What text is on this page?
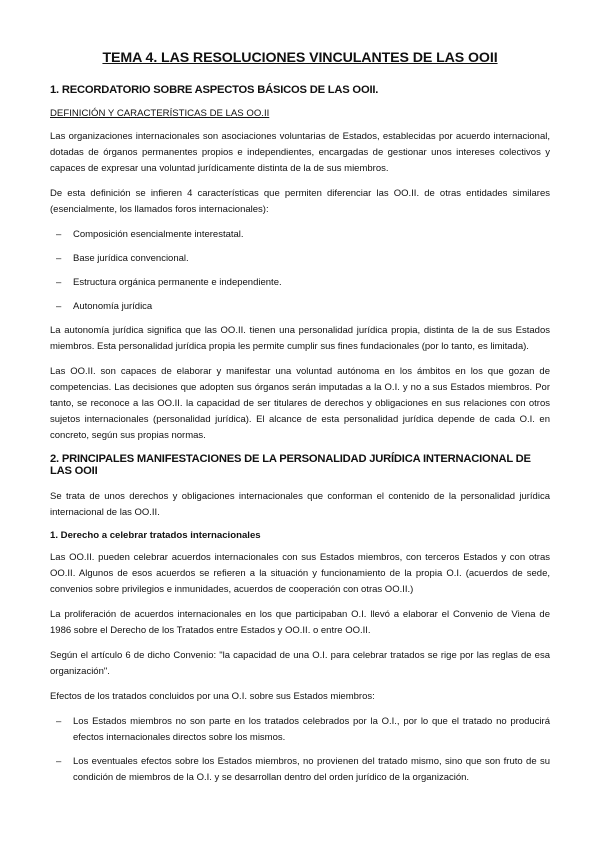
TEMA 4. LAS RESOLUCIONES VINCULANTES DE LAS OOII
1. RECORDATORIO SOBRE ASPECTOS BÁSICOS DE LAS OOII.
DEFINICIÓN Y CARACTERÍSTICAS DE LAS OO.II

Las organizaciones internacionales son asociaciones voluntarias de Estados, establecidas por acuerdo internacional, dotadas de órganos permanentes propios e independientes, encargadas de gestionar unos intereses colectivos y capaces de expresar una voluntad jurídicamente distinta de la de sus miembros.

De esta definición se infieren 4 características que permiten diferenciar las OO.II. de otras entidades similares (esencialmente, los llamados foros internacionales):

– Composición esencialmente interestatal.
– Base jurídica convencional.
– Estructura orgánica permanente e independiente.
– Autonomía jurídica

La autonomía jurídica significa que las OO.II. tienen una personalidad jurídica propia, distinta de la de sus Estados miembros. Esta personalidad jurídica propia les permite cumplir sus fines fundacionales (por lo tanto, es limitada).

Las OO.II. son capaces de elaborar y manifestar una voluntad autónoma en los ámbitos en los que gozan de competencias. Las decisiones que adopten sus órganos serán imputadas a la O.I. y no a sus Estados miembros. Por tanto, se reconoce a las OO.II. la capacidad de ser titulares de derechos y obligaciones en sus relaciones con otros sujetos internacionales (personalidad jurídica). El alcance de esta personalidad jurídica depende de cada O.I. en concreto, según sus propias normas.

2. PRINCIPALES MANIFESTACIONES DE LA PERSONALIDAD JURÍDICA INTERNACIONAL DE LAS OOII

Se trata de unos derechos y obligaciones internacionales que conforman el contenido de la personalidad jurídica internacional de las OO.II.

1. Derecho a celebrar tratados internacionales

Las OO.II. pueden celebrar acuerdos internacionales con sus Estados miembros, con terceros Estados y con otras OO.II. Algunos de esos acuerdos se refieren a la situación y funcionamiento de la propia O.I. (acuerdos de sede, convenios sobre privilegios e inmunidades, acuerdos de cooperación con otras OO.II.)

La proliferación de acuerdos internacionales en los que participaban O.I. llevó a elaborar el Convenio de Viena de 1986 sobre el Derecho de los Tratados entre Estados y OO.II. o entre OO.II.

Según el artículo 6 de dicho Convenio: "la capacidad de una O.I. para celebrar tratados se rige por las reglas de esa organización".

Efectos de los tratados concluidos por una O.I. sobre sus Estados miembros:

– Los Estados miembros no son parte en los tratados celebrados por la O.I., por lo que el tratado no producirá efectos internacionales directos sobre los mismos.
– Los eventuales efectos sobre los Estados miembros, no provienen del tratado mismo, sino que son fruto de su condición de miembros de la O.I. y se desarrollan dentro del orden jurídico de la organización.
